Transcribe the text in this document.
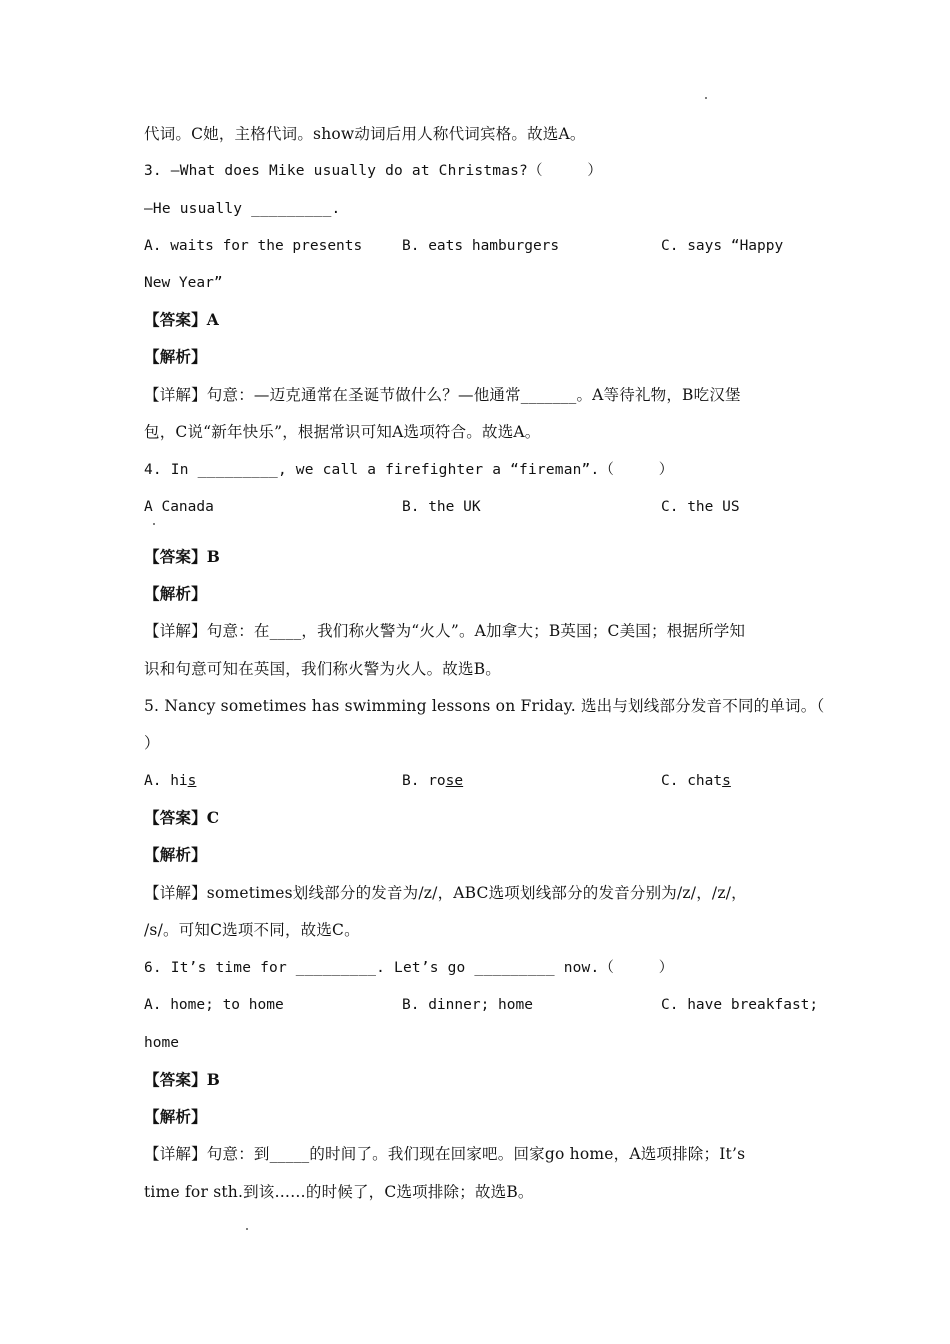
代词。C她，主格代词。show动词后用人称代词宾格。故选A。
3. —What does Mike usually do at Christmas?（     ）
—He usually _________.
A. waits for the presents	B. eats hamburgers	C. says “Happy
New Year”
【答案】A
【解析】
【详解】句意：—迈克通常在圣诞节做什么？—他通常_______。A等待礼物，B吃汉堡
包，C说“新年快乐”，根据常识可知A选项符合。故选A。
4. In _________, we call a firefighter a “fireman”.（     ）
A Canada	B. the UK	C. the US
【答案】B
【解析】
【详解】句意：在____，我们称火警为“火人”。A加拿大；B英国；C美国；根据所学知
识和句意可知在英国，我们称火警为火人。故选B。
5. Nancy sometimes has swimming lessons on Friday. 选出与划线部分发音不同的单词。（
）
A. his	B. rose	C. chats
【答案】C
【解析】
【详解】sometimes划线部分的发音为/z/，ABC选项划线部分的发音分别为/z/，/z/，
/s/。可知C选项不同，故选C。
6. It’s time for _________. Let’s go _________ now.（     ）
A. home; to home	B. dinner; home	C. have breakfast;
home
【答案】B
【解析】
【详解】句意：到_____的时间了。我们现在回家吧。回家go home，A选项排除；It’s
time for sth.到该……的时候了，C选项排除；故选B。
